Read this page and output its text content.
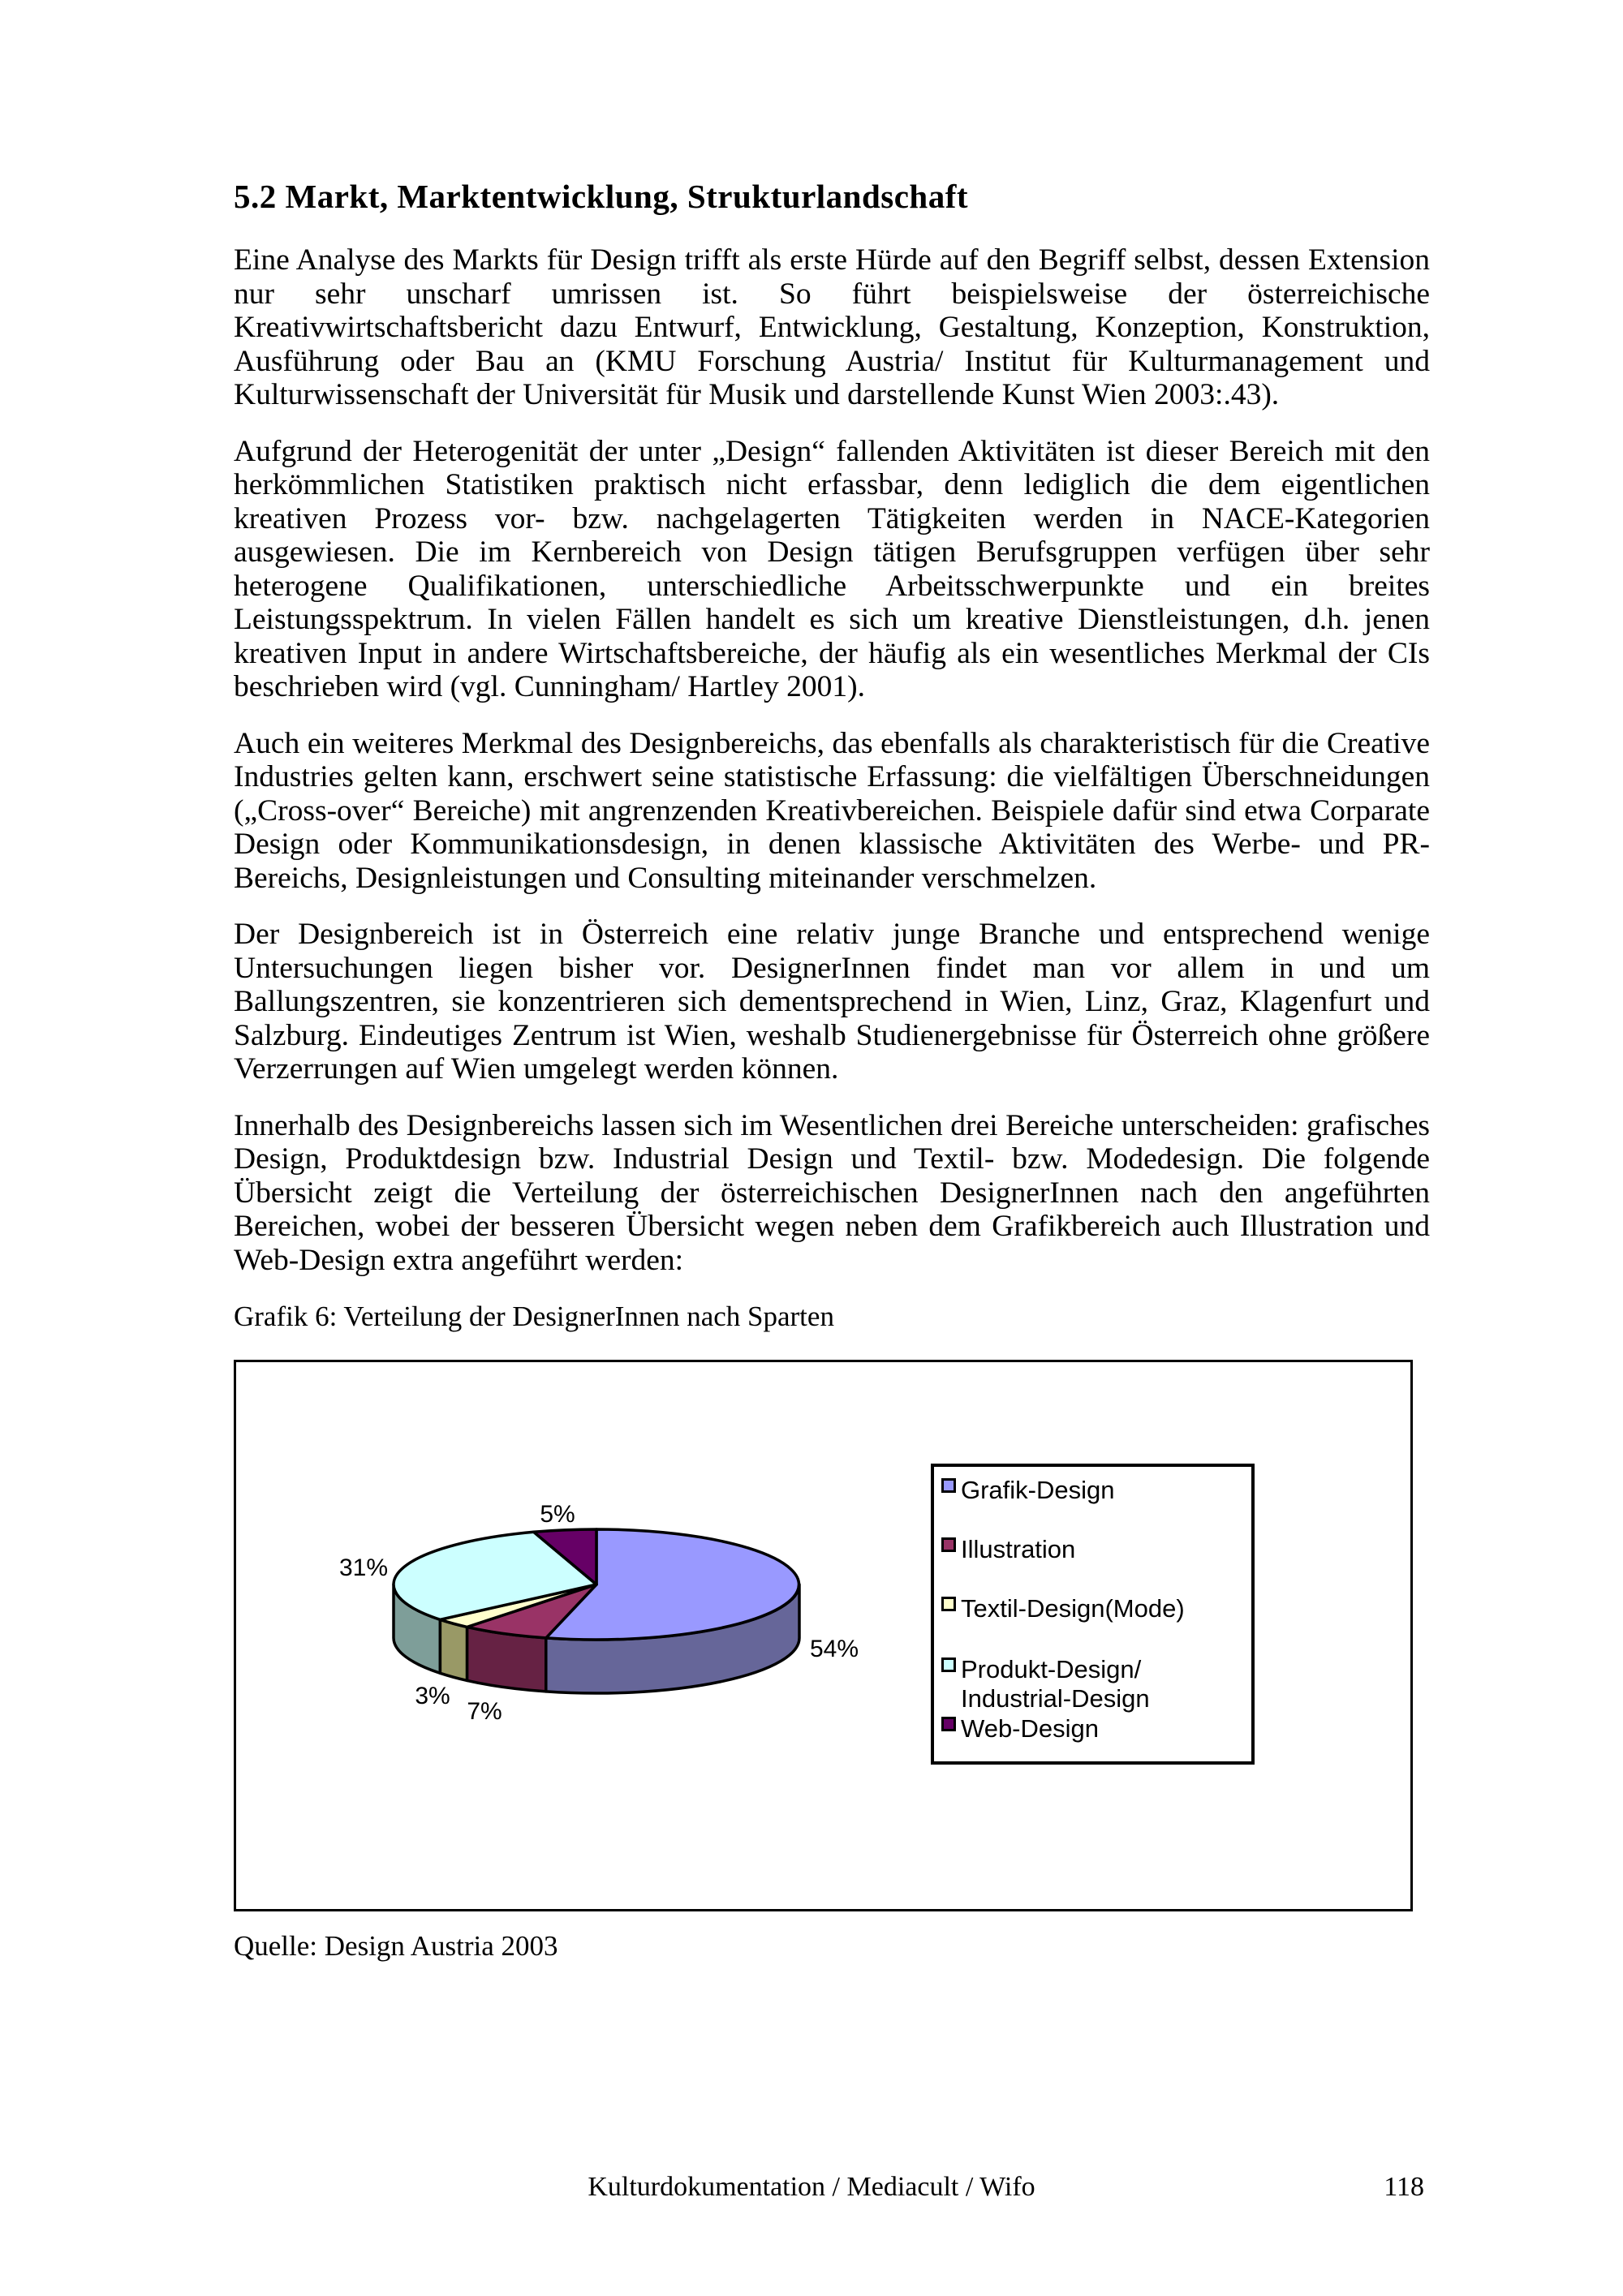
5.2 Markt, Marktentwicklung, Strukturlandschaft

Eine Analyse des Markts für Design trifft als erste Hürde auf den Begriff selbst, dessen Extension nur sehr unscharf umrissen ist. So führt beispielsweise der österreichische Kreativwirtschaftsbericht dazu Entwurf, Entwicklung, Gestaltung, Konzeption, Konstruktion, Ausführung oder Bau an (KMU Forschung Austria/ Institut für Kulturmanagement und Kulturwissenschaft der Universität für Musik und darstellende Kunst Wien 2003:.43).

Aufgrund der Heterogenität der unter „Design“ fallenden Aktivitäten ist dieser Bereich mit den herkömmlichen Statistiken praktisch nicht erfassbar, denn lediglich die dem eigentlichen kreativen Prozess vor- bzw. nachgelagerten Tätigkeiten werden in NACE-Kategorien ausgewiesen. Die im Kernbereich von Design tätigen Berufsgruppen verfügen über sehr heterogene Qualifikationen, unterschiedliche Arbeitsschwerpunkte und ein breites Leistungsspektrum. In vielen Fällen handelt es sich um kreative Dienstleistungen, d.h. jenen kreativen Input in andere Wirtschaftsbereiche, der häufig als ein wesentliches Merkmal der CIs beschrieben wird (vgl. Cunningham/ Hartley 2001).

Auch ein weiteres Merkmal des Designbereichs, das ebenfalls als charakteristisch für die Creative Industries gelten kann, erschwert seine statistische Erfassung: die vielfältigen Überschneidungen („Cross-over“ Bereiche) mit angrenzenden Kreativbereichen. Beispiele dafür sind etwa Corparate Design oder Kommunikationsdesign, in denen klassische Aktivitäten des Werbe- und PR-Bereichs, Designleistungen und Consulting miteinander verschmelzen.

Der Designbereich ist in Österreich eine relativ junge Branche und entsprechend wenige Untersuchungen liegen bisher vor. DesignerInnen findet man vor allem in und um Ballungszentren, sie konzentrieren sich dementsprechend in Wien, Linz, Graz, Klagenfurt und Salzburg. Eindeutiges Zentrum ist Wien, weshalb Studienergebnisse für Österreich ohne größere Verzerrungen auf Wien umgelegt werden können.

Innerhalb des Designbereichs lassen sich im Wesentlichen drei Bereiche unterscheiden: grafisches Design, Produktdesign bzw. Industrial Design und Textil- bzw. Modedesign. Die folgende Übersicht zeigt die Verteilung der österreichischen DesignerInnen nach den angeführten Bereichen, wobei der besseren Übersicht wegen neben dem Grafikbereich auch Illustration und Web-Design extra angeführt werden:

Grafik 6: Verteilung der DesignerInnen nach Sparten
5%
31%
3%
7%
54%
Grafik-Design
Illustration
Textil-Design(Mode)
Produkt-Design/ Industrial-Design
Web-Design
Quelle: Design Austria 2003
Kulturdokumentation / Mediacult / Wifo	118
